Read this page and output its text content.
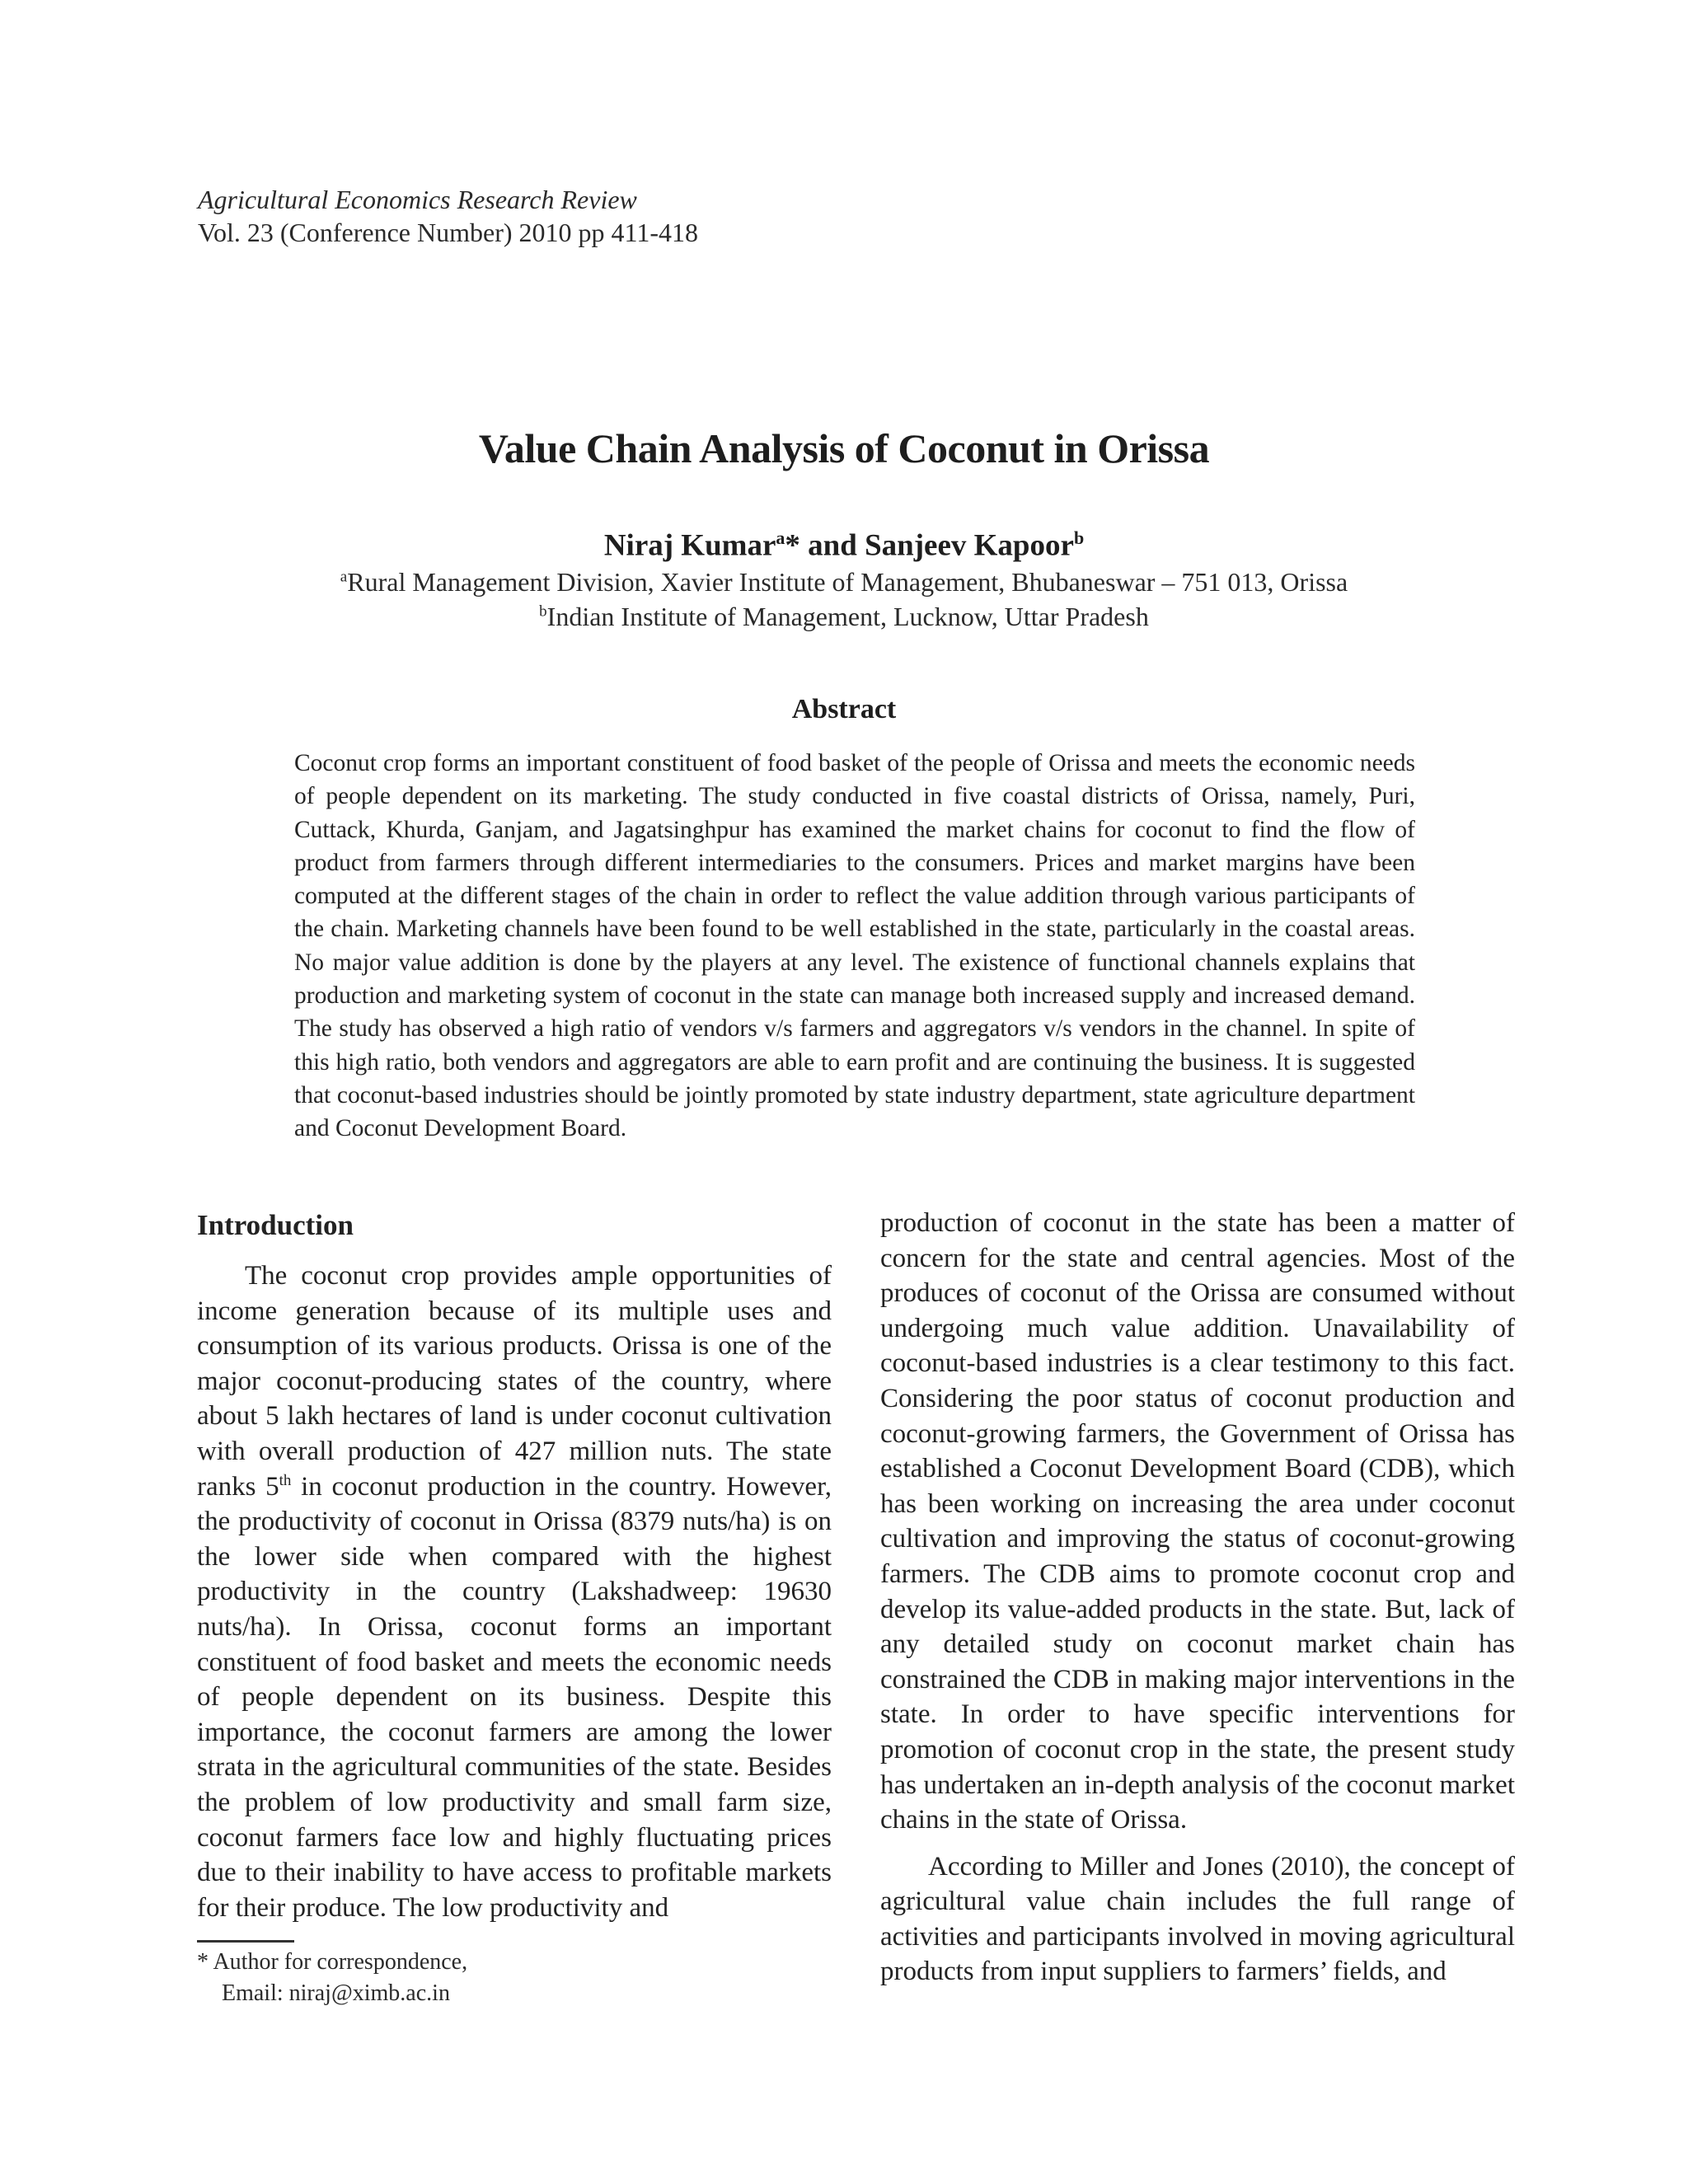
Agricultural Economics Research Review
Vol. 23 (Conference Number) 2010 pp 411-418
Value Chain Analysis of Coconut in Orissa
Niraj Kumar$^a$* and Sanjeev Kapoor$^b$
$^a$Rural Management Division, Xavier Institute of Management, Bhubaneswar – 751 013, Orissa
$^b$Indian Institute of Management, Lucknow, Uttar Pradesh
Abstract
Coconut crop forms an important constituent of food basket of the people of Orissa and meets the economic needs of people dependent on its marketing. The study conducted in five coastal districts of Orissa, namely, Puri, Cuttack, Khurda, Ganjam, and Jagatsinghpur has examined the market chains for coconut to find the flow of product from farmers through different intermediaries to the consumers. Prices and market margins have been computed at the different stages of the chain in order to reflect the value addition through various participants of the chain. Marketing channels have been found to be well established in the state, particularly in the coastal areas. No major value addition is done by the players at any level. The existence of functional channels explains that production and marketing system of coconut in the state can manage both increased supply and increased demand. The study has observed a high ratio of vendors v/s farmers and aggregators v/s vendors in the channel. In spite of this high ratio, both vendors and aggregators are able to earn profit and are continuing the business. It is suggested that coconut-based industries should be jointly promoted by state industry department, state agriculture department and Coconut Development Board.
Introduction

The coconut crop provides ample opportunities of income generation because of its multiple uses and consumption of its various products. Orissa is one of the major coconut-producing states of the country, where about 5 lakh hectares of land is under coconut cultivation with overall production of 427 million nuts. The state ranks 5th in coconut production in the country. However, the productivity of coconut in Orissa (8379 nuts/ha) is on the lower side when compared with the highest productivity in the country (Lakshadweep: 19630 nuts/ha). In Orissa, coconut forms an important constituent of food basket and meets the economic needs of people dependent on its business. Despite this importance, the coconut farmers are among the lower strata in the agricultural communities of the state. Besides the problem of low productivity and small farm size, coconut farmers face low and highly fluctuating prices due to their inability to have access to profitable markets for their produce. The low productivity and

production of coconut in the state has been a matter of concern for the state and central agencies. Most of the produces of coconut of the Orissa are consumed without undergoing much value addition. Unavailability of coconut-based industries is a clear testimony to this fact. Considering the poor status of coconut production and coconut-growing farmers, the Government of Orissa has established a Coconut Development Board (CDB), which has been working on increasing the area under coconut cultivation and improving the status of coconut-growing farmers. The CDB aims to promote coconut crop and develop its value-added products in the state. But, lack of any detailed study on coconut market chain has constrained the CDB in making major interventions in the state. In order to have specific interventions for promotion of coconut crop in the state, the present study has undertaken an in-depth analysis of the coconut market chains in the state of Orissa.

According to Miller and Jones (2010), the concept of agricultural value chain includes the full range of activities and participants involved in moving agricultural products from input suppliers to farmers’ fields, and

* Author for correspondence,
Email: niraj@ximb.ac.in
